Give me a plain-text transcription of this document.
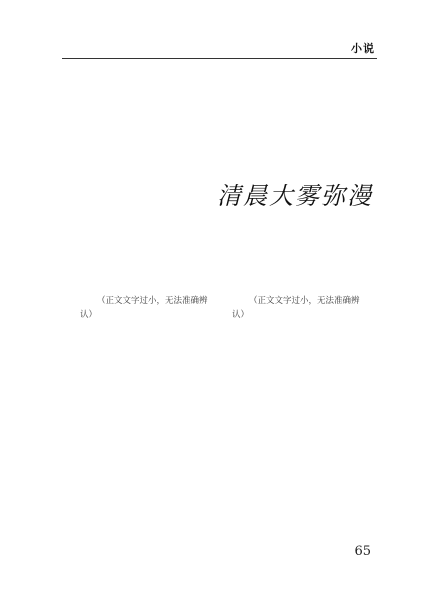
小说
清晨大雾弥漫

（正文文字过小，无法准确辨认）

（正文文字过小，无法准确辨认）

65
